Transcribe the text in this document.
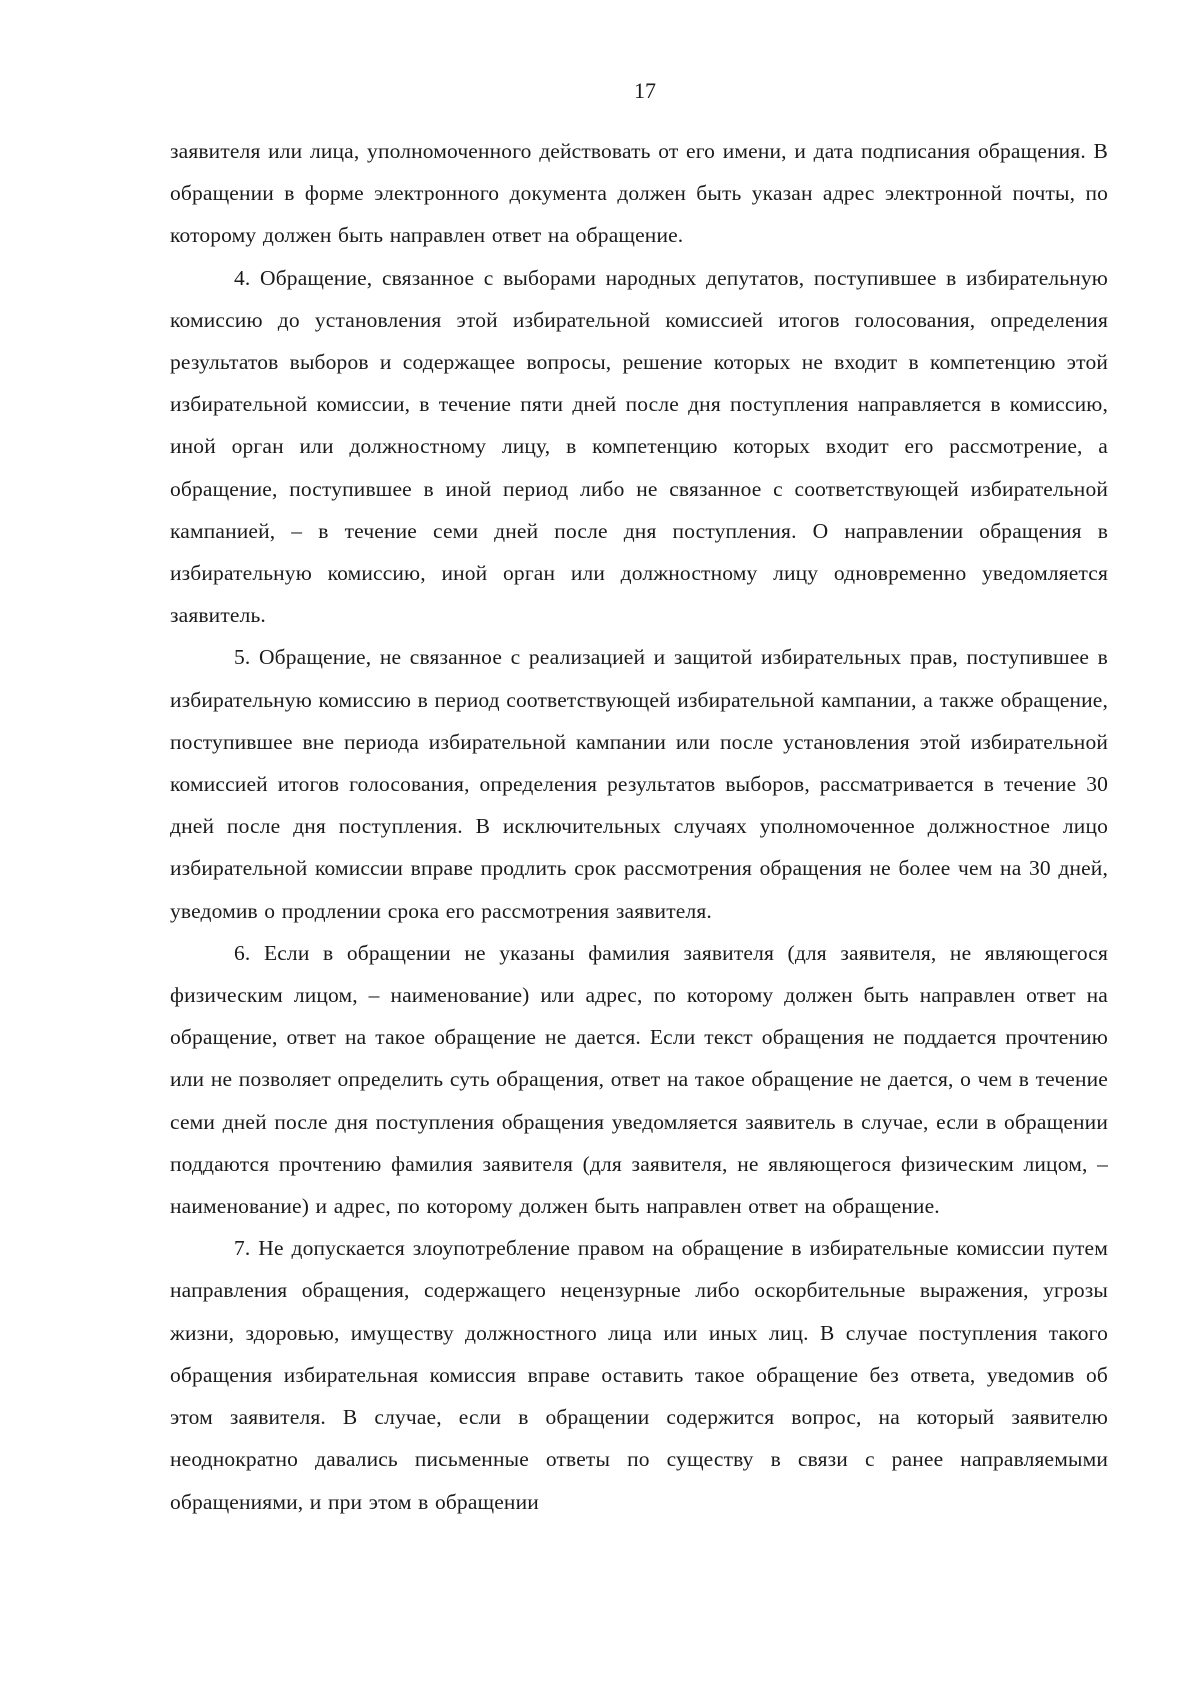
17

заявителя или лица, уполномоченного действовать от его имени, и дата подписания обращения. В обращении в форме электронного документа должен быть указан адрес электронной почты, по которому должен быть направлен ответ на обращение.

4. Обращение, связанное с выборами народных депутатов, поступившее в избирательную комиссию до установления этой избирательной комиссией итогов голосования, определения результатов выборов и содержащее вопросы, решение которых не входит в компетенцию этой избирательной комиссии, в течение пяти дней после дня поступления направляется в комиссию, иной орган или должностному лицу, в компетенцию которых входит его рассмотрение, а обращение, поступившее в иной период либо не связанное с соответствующей избирательной кампанией, – в течение семи дней после дня поступления. О направлении обращения в избирательную комиссию, иной орган или должностному лицу одновременно уведомляется заявитель.

5. Обращение, не связанное с реализацией и защитой избирательных прав, поступившее в избирательную комиссию в период соответствующей избирательной кампании, а также обращение, поступившее вне периода избирательной кампании или после установления этой избирательной комиссией итогов голосования, определения результатов выборов, рассматривается в течение 30 дней после дня поступления. В исключительных случаях уполномоченное должностное лицо избирательной комиссии вправе продлить срок рассмотрения обращения не более чем на 30 дней, уведомив о продлении срока его рассмотрения заявителя.

6. Если в обращении не указаны фамилия заявителя (для заявителя, не являющегося физическим лицом, – наименование) или адрес, по которому должен быть направлен ответ на обращение, ответ на такое обращение не дается. Если текст обращения не поддается прочтению или не позволяет определить суть обращения, ответ на такое обращение не дается, о чем в течение семи дней после дня поступления обращения уведомляется заявитель в случае, если в обращении поддаются прочтению фамилия заявителя (для заявителя, не являющегося физическим лицом, – наименование) и адрес, по которому должен быть направлен ответ на обращение.

7. Не допускается злоупотребление правом на обращение в избирательные комиссии путем направления обращения, содержащего нецензурные либо оскорбительные выражения, угрозы жизни, здоровью, имуществу должностного лица или иных лиц. В случае поступления такого обращения избирательная комиссия вправе оставить такое обращение без ответа, уведомив об этом заявителя. В случае, если в обращении содержится вопрос, на который заявителю неоднократно давались письменные ответы по существу в связи с ранее направляемыми обращениями, и при этом в обращении
